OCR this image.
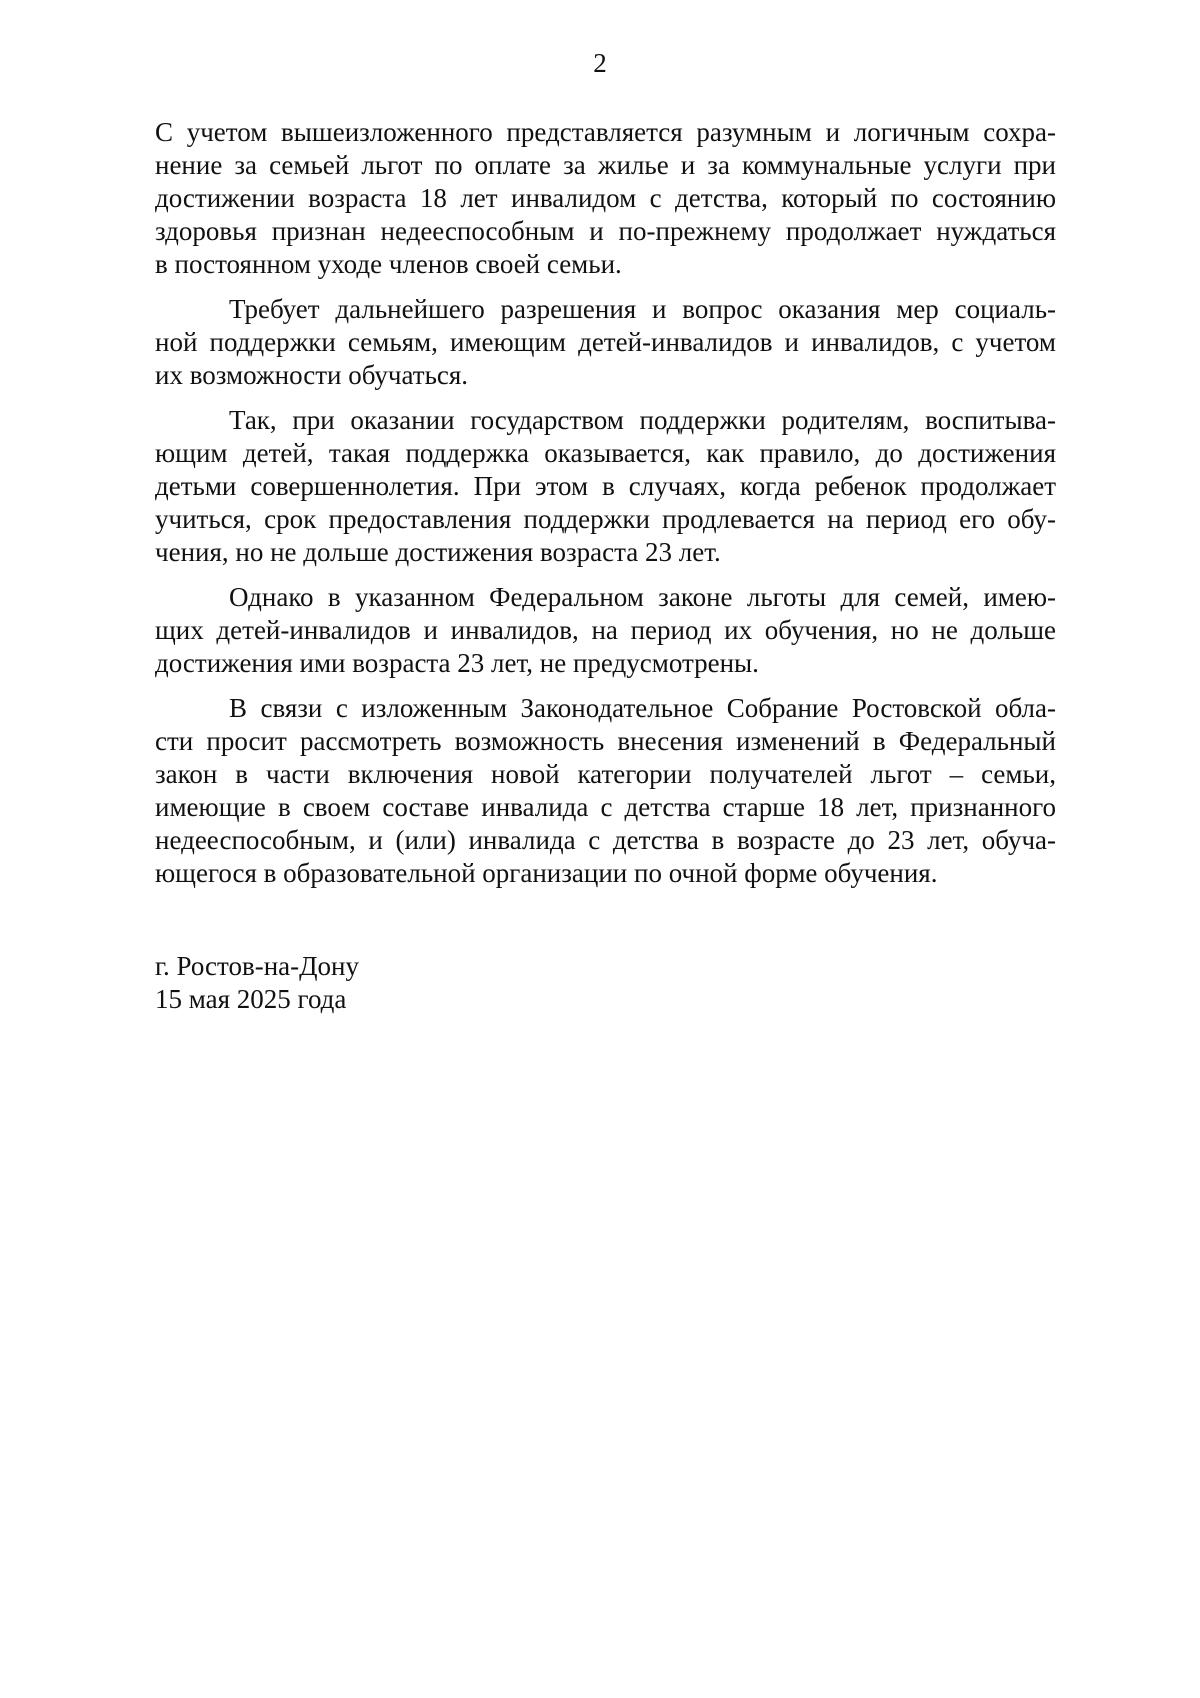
2

С учетом вышеизложенного представляется разумным и логичным сохра-
нение за семьей льгот по оплате за жилье и за коммунальные услуги при
достижении возраста 18 лет инвалидом с детства, который по состоянию
здоровья признан недееспособным и по-прежнему продолжает нуждаться
в постоянном уходе членов своей семьи.

Требует дальнейшего разрешения и вопрос оказания мер социаль-
ной поддержки семьям, имеющим детей-инвалидов и инвалидов, с учетом
их возможности обучаться.

Так, при оказании государством поддержки родителям, воспитыва-
ющим детей, такая поддержка оказывается, как правило, до достижения
детьми совершеннолетия. При этом в случаях, когда ребенок продолжает
учиться, срок предоставления поддержки продлевается на период его обу-
чения, но не дольше достижения возраста 23 лет.

Однако в указанном Федеральном законе льготы для семей, имею-
щих детей-инвалидов и инвалидов, на период их обучения, но не дольше
достижения ими возраста 23 лет, не предусмотрены.

В связи с изложенным Законодательное Собрание Ростовской обла-
сти просит рассмотреть возможность внесения изменений в Федеральный
закон в части включения новой категории получателей льгот – семьи,
имеющие в своем составе инвалида с детства старше 18 лет, признанного
недееспособным, и (или) инвалида с детства в возрасте до 23 лет, обуча-
ющегося в образовательной организации по очной форме обучения.

г. Ростов-на-Дону
15 мая 2025 года
